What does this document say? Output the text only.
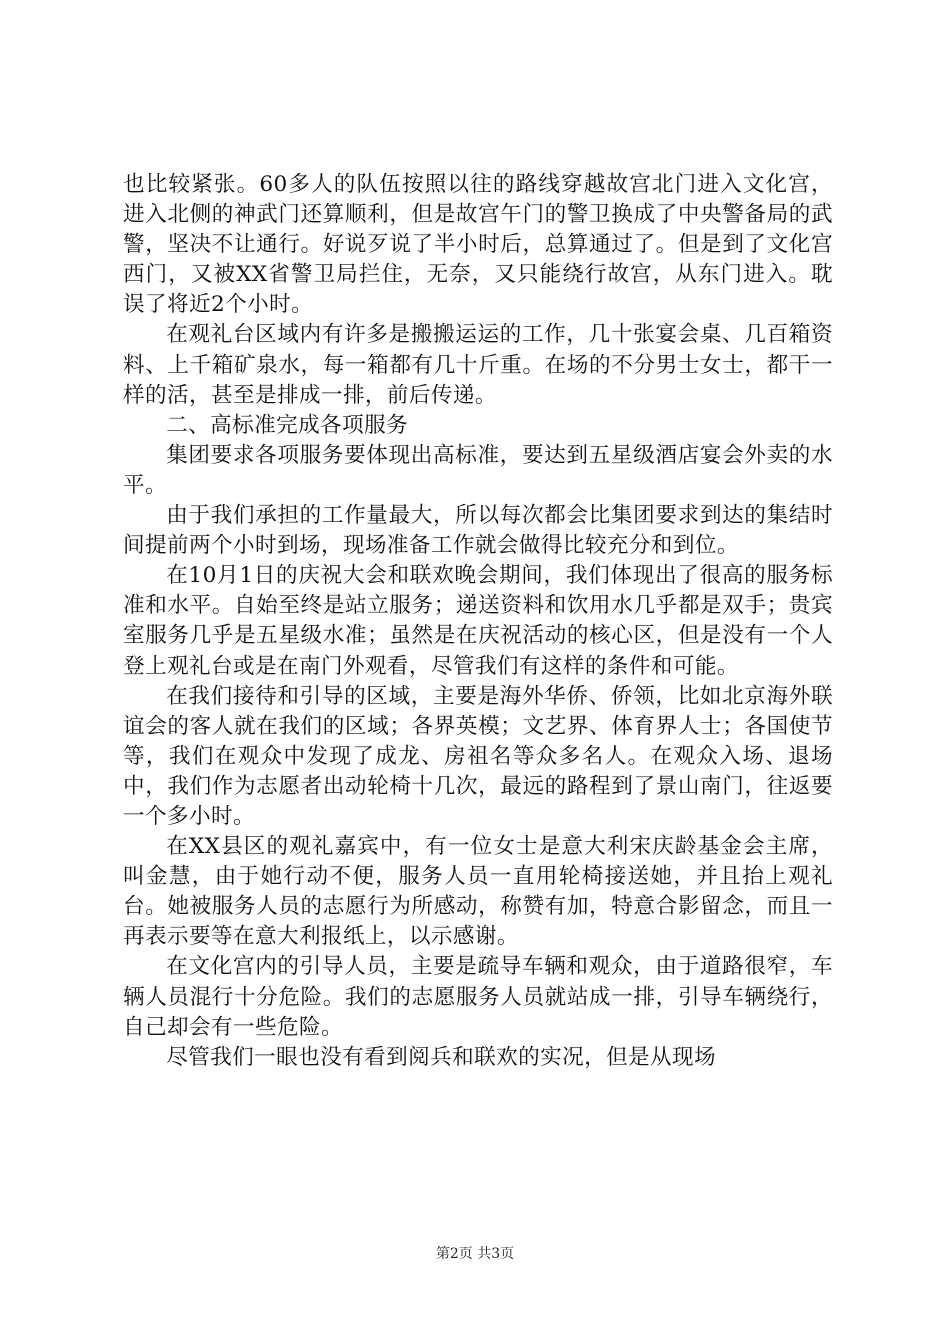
也比较紧张。60多人的队伍按照以往的路线穿越故宫北门进入文化宫，进入北侧的神武门还算顺利，但是故宫午门的警卫换成了中央警备局的武警，坚决不让通行。好说歹说了半小时后，总算通过了。但是到了文化宫西门，又被XX省警卫局拦住，无奈，又只能绕行故宫，从东门进入。耽误了将近2个小时。

在观礼台区域内有许多是搬搬运运的工作，几十张宴会桌、几百箱资料、上千箱矿泉水，每一箱都有几十斤重。在场的不分男士女士，都干一样的活，甚至是排成一排，前后传递。

二、高标准完成各项服务

集团要求各项服务要体现出高标准，要达到五星级酒店宴会外卖的水平。

由于我们承担的工作量最大，所以每次都会比集团要求到达的集结时间提前两个小时到场，现场准备工作就会做得比较充分和到位。

在10月1日的庆祝大会和联欢晚会期间，我们体现出了很高的服务标准和水平。自始至终是站立服务；递送资料和饮用水几乎都是双手；贵宾室服务几乎是五星级水准；虽然是在庆祝活动的核心区，但是没有一个人登上观礼台或是在南门外观看，尽管我们有这样的条件和可能。

在我们接待和引导的区域，主要是海外华侨、侨领，比如北京海外联谊会的客人就在我们的区域；各界英模；文艺界、体育界人士；各国使节等，我们在观众中发现了成龙、房祖名等众多名人。在观众入场、退场中，我们作为志愿者出动轮椅十几次，最远的路程到了景山南门，往返要一个多小时。

在XX县区的观礼嘉宾中，有一位女士是意大利宋庆龄基金会主席，叫金慧，由于她行动不便，服务人员一直用轮椅接送她，并且抬上观礼台。她被服务人员的志愿行为所感动，称赞有加，特意合影留念，而且一再表示要等在意大利报纸上，以示感谢。

在文化宫内的引导人员，主要是疏导车辆和观众，由于道路很窄，车辆人员混行十分危险。我们的志愿服务人员就站成一排，引导车辆绕行，自己却会有一些危险。

尽管我们一眼也没有看到阅兵和联欢的实况，但是从现场

第2页 共3页
